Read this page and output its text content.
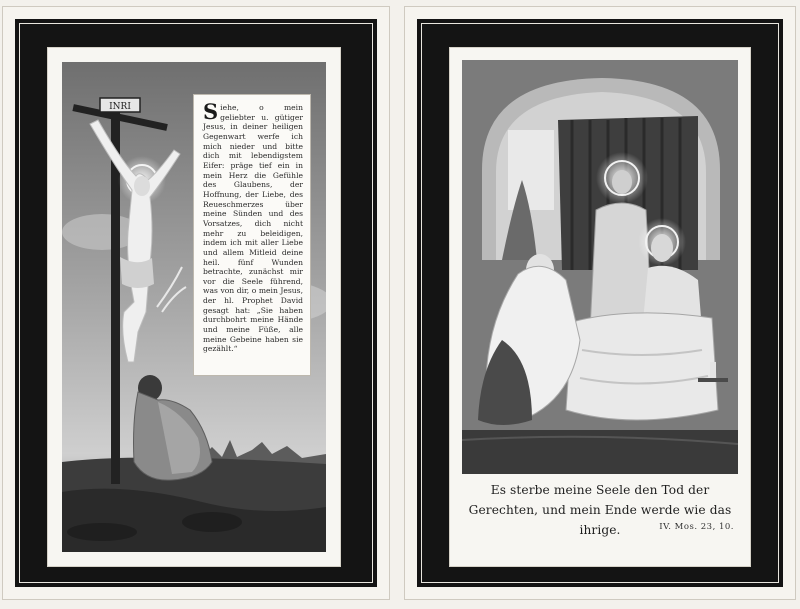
INRI	Siehe, o mein geliebter u. gütiger Jesus, in deiner heiligen Gegenwart werfe ich mich nieder und bitte dich mit lebendigstem Eifer: präge tief ein in mein Herz die Gefühle des Glaubens, der Hoffnung, der Liebe, des Reueschmerzes über meine Sünden und des Vorsatzes, dich nicht mehr zu beleidigen, indem ich mit aller Liebe und allem Mitleid deine heil. fünf Wunden betrachte, zunächst mir vor die Seele führend, was von dir, o mein Jesus, der hl. Prophet David gesagt hat: „Sie haben durchbohrt meine Hände und meine Füße, alle meine Gebeine haben sie gezählt.“
Es sterbe meine Seele den Tod der Gerechten, und mein Ende werde wie das ihrige.	IV. Mos. 23, 10.
